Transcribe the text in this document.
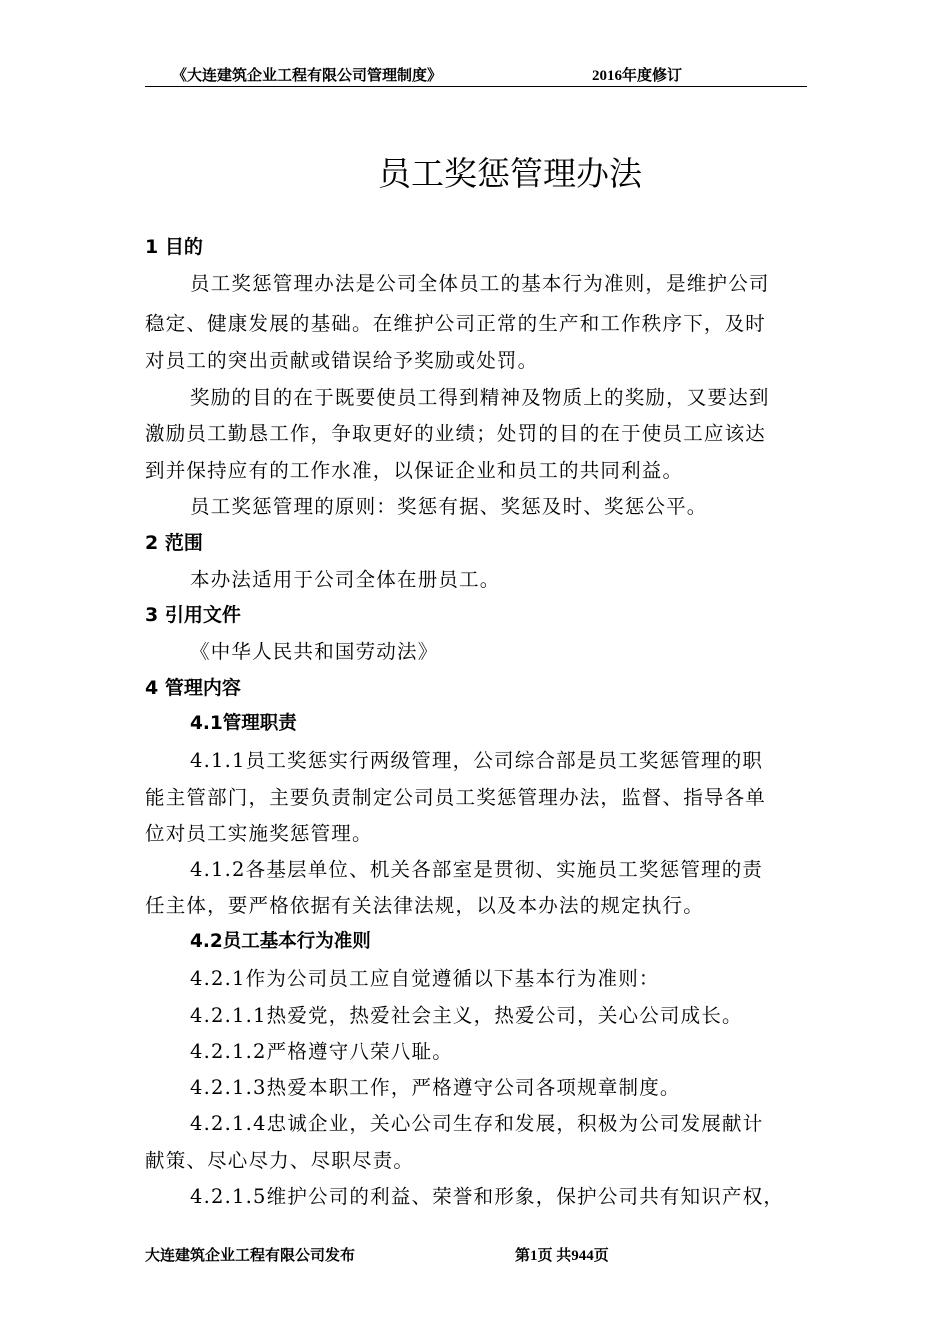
《大连建筑企业工程有限公司管理制度》	2016年度修订
员工奖惩管理办法
1 目的
员工奖惩管理办法是公司全体员工的基本行为准则，是维护公司
稳定、健康发展的基础。在维护公司正常的生产和工作秩序下，及时
对员工的突出贡献或错误给予奖励或处罚。
奖励的目的在于既要使员工得到精神及物质上的奖励，又要达到
激励员工勤恳工作，争取更好的业绩；处罚的目的在于使员工应该达
到并保持应有的工作水准，以保证企业和员工的共同利益。
员工奖惩管理的原则：奖惩有据、奖惩及时、奖惩公平。
2 范围
本办法适用于公司全体在册员工。
3 引用文件
《中华人民共和国劳动法》
4 管理内容
4.1管理职责
4.1.1员工奖惩实行两级管理，公司综合部是员工奖惩管理的职
能主管部门，主要负责制定公司员工奖惩管理办法，监督、指导各单
位对员工实施奖惩管理。
4.1.2各基层单位、机关各部室是贯彻、实施员工奖惩管理的责
任主体，要严格依据有关法律法规，以及本办法的规定执行。
4.2员工基本行为准则
4.2.1作为公司员工应自觉遵循以下基本行为准则：
4.2.1.1热爱党，热爱社会主义，热爱公司，关心公司成长。
4.2.1.2严格遵守八荣八耻。
4.2.1.3热爱本职工作，严格遵守公司各项规章制度。
4.2.1.4忠诚企业，关心公司生存和发展，积极为公司发展献计
献策、尽心尽力、尽职尽责。
4.2.1.5维护公司的利益、荣誉和形象，保护公司共有知识产权，
大连建筑企业工程有限公司发布	第1页 共944页
